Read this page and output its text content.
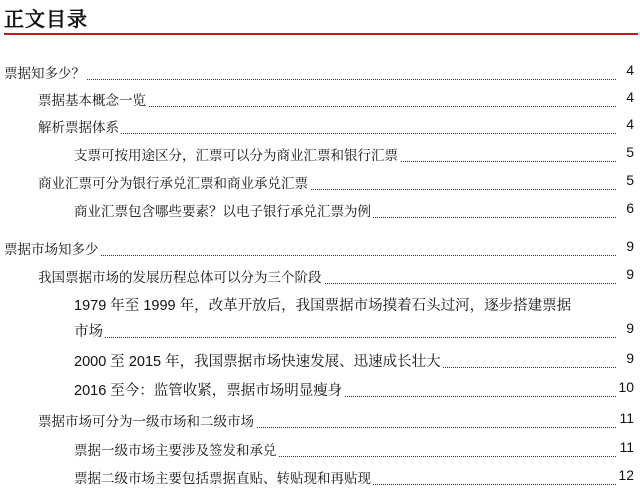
正文目录
票据知多少？	4
票据基本概念一览	4
解析票据体系	4
支票可按用途区分，汇票可以分为商业汇票和银行汇票	5
商业汇票可分为银行承兑汇票和商业承兑汇票	5
商业汇票包含哪些要素？以电子银行承兑汇票为例	6
票据市场知多少	9
我国票据市场的发展历程总体可以分为三个阶段	9
1979 年至 1999 年，改革开放后，我国票据市场摸着石头过河，逐步搭建票据
市场	9
2000 至 2015 年，我国票据市场快速发展、迅速成长壮大	9
2016 至今：监管收紧，票据市场明显瘦身	10
票据市场可分为一级市场和二级市场	11
票据一级市场主要涉及签发和承兑	11
票据二级市场主要包括票据直贴、转贴现和再贴现	12
